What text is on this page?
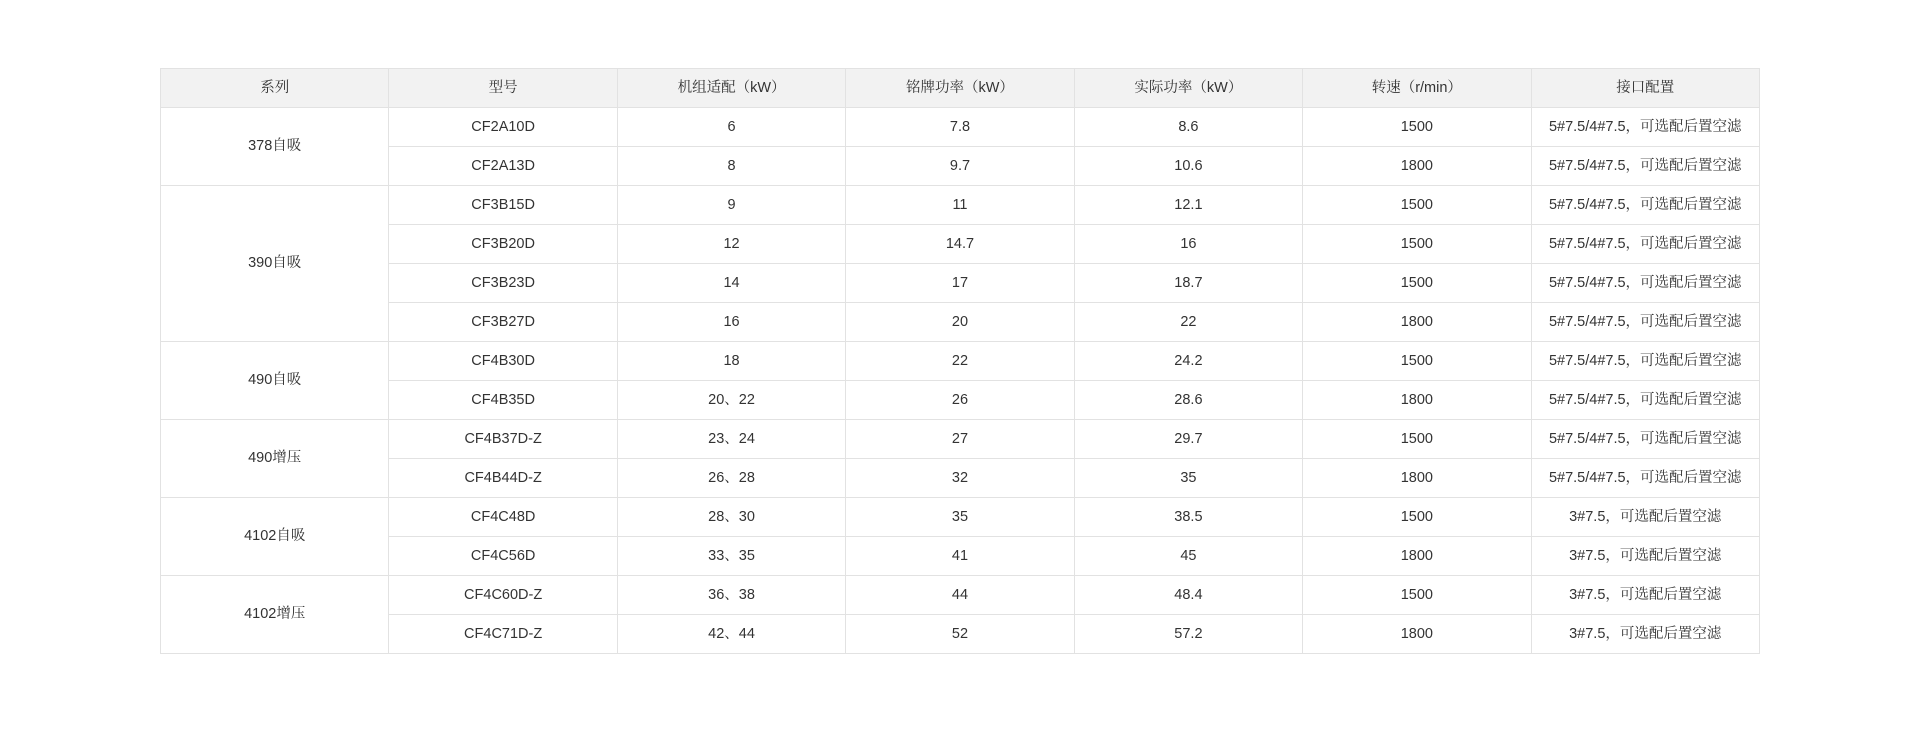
系列	型号	机组适配（kW）	铭牌功率（kW）	实际功率（kW）	转速（r/min）	接口配置
378自吸	CF2A10D	6	7.8	8.6	1500	5#7.5/4#7.5，可选配后置空滤
	CF2A13D	8	9.7	10.6	1800	5#7.5/4#7.5，可选配后置空滤
390自吸	CF3B15D	9	11	12.1	1500	5#7.5/4#7.5，可选配后置空滤
	CF3B20D	12	14.7	16	1500	5#7.5/4#7.5，可选配后置空滤
	CF3B23D	14	17	18.7	1500	5#7.5/4#7.5，可选配后置空滤
	CF3B27D	16	20	22	1800	5#7.5/4#7.5，可选配后置空滤
490自吸	CF4B30D	18	22	24.2	1500	5#7.5/4#7.5，可选配后置空滤
	CF4B35D	20、22	26	28.6	1800	5#7.5/4#7.5，可选配后置空滤
490增压	CF4B37D-Z	23、24	27	29.7	1500	5#7.5/4#7.5，可选配后置空滤
	CF4B44D-Z	26、28	32	35	1800	5#7.5/4#7.5，可选配后置空滤
4102自吸	CF4C48D	28、30	35	38.5	1500	3#7.5，可选配后置空滤
	CF4C56D	33、35	41	45	1800	3#7.5，可选配后置空滤
4102增压	CF4C60D-Z	36、38	44	48.4	1500	3#7.5，可选配后置空滤
	CF4C71D-Z	42、44	52	57.2	1800	3#7.5，可选配后置空滤
